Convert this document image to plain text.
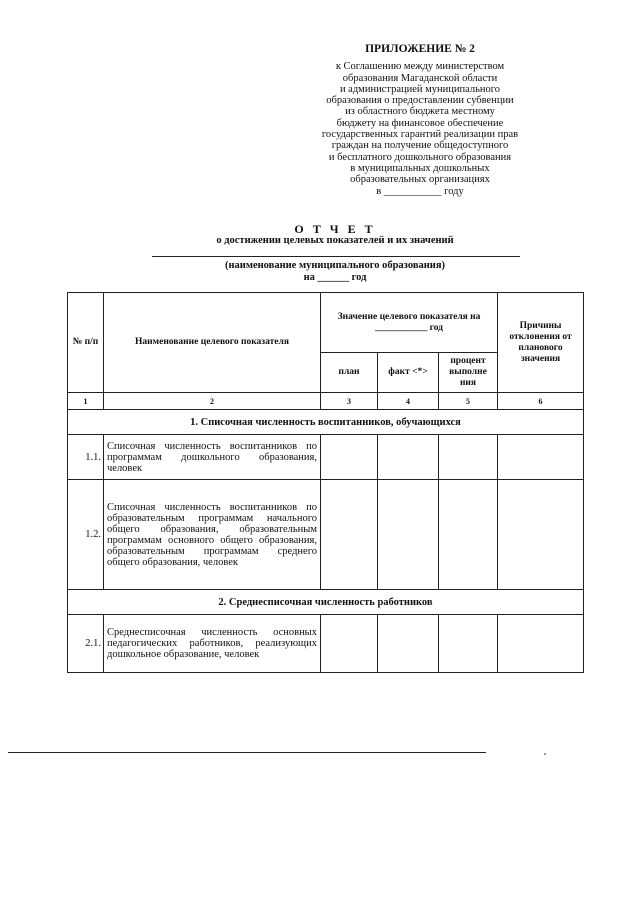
ПРИЛОЖЕНИЕ № 2
к Соглашению между министерством
образования Магаданской области
и администрацией муниципального
образования о предоставлении субвенции
из областного бюджета местному
бюджету на финансовое обеспечение
государственных гарантий реализации прав
граждан на получение общедоступного
и бесплатного дошкольного образования
в муниципальных дошкольных
образовательных организациях
в ___________ году
О Т Ч Е Т
о достижении целевых показателей и их значений
(наименование муниципального образования)
на ______ год
№ п/п	Наименование целевого показателя	Значение целевого показателя на ___________ год			Причины отклонения от планового значения
		план	факт <*>	процент выполне ния	
1	2	3	4	5	6
1. Списочная численность воспитанников, обучающихся					
1.1.	Списочная численность воспитанников по программам дошкольного образования, человек				
1.2.	Списочная численность воспитанников по образовательным программам начального общего образования, образовательным программам основного общего образования, образовательным программам среднего общего образования, человек				
2. Среднесписочная численность работников					
2.1.	Среднесписочная численность основных педагогических работников, реализующих дошкольное образование, человек				
